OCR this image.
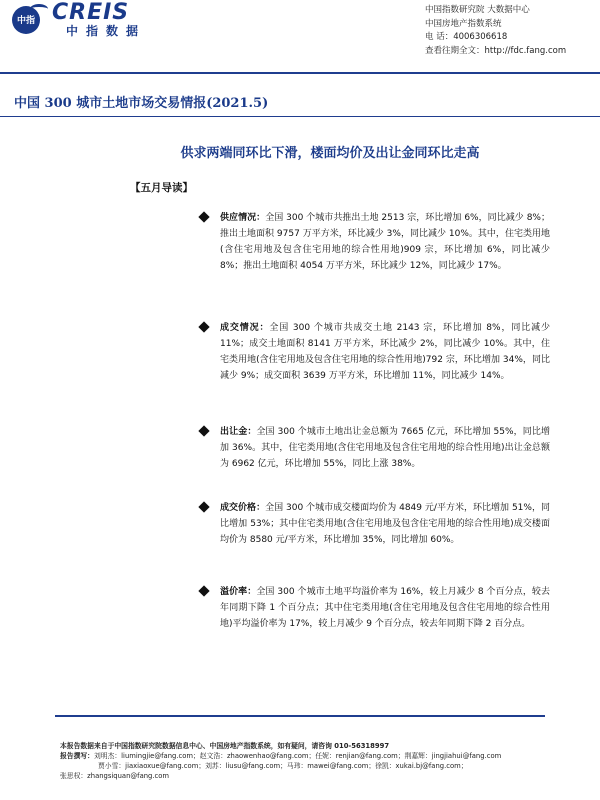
中指 CREIS
中指数据
中国指数研究院 大数据中心
中国房地产指数系统
电 话：4006306618
查看往期全文：http://fdc.fang.com
中国 300 城市土地市场交易情报(2021.5)
供求两端同环比下滑，楼面均价及出让金同环比走高
【五月导读】
供应情况：全国 300 个城市共推出土地 2513 宗，环比增加 6%，同比减少 8%；推出土地面积 9757 万平方米，环比减少 3%，同比减少 10%。其中，住宅类用地(含住宅用地及包含住宅用地的综合性用地)909 宗，环比增加 6%，同比减少 8%；推出土地面积 4054 万平方米，环比减少 12%，同比减少 17%。
成交情况：全国 300 个城市共成交土地 2143 宗，环比增加 8%，同比减少 11%；成交土地面积 8141 万平方米，环比减少 2%，同比减少 10%。其中，住宅类用地(含住宅用地及包含住宅用地的综合性用地)792 宗，环比增加 34%，同比减少 9%；成交面积 3639 万平方米，环比增加 11%，同比减少 14%。
出让金：全国 300 个城市土地出让金总额为 7665 亿元，环比增加 55%，同比增加 36%。其中，住宅类用地(含住宅用地及包含住宅用地的综合性用地)出让金总额为 6962 亿元，环比增加 55%，同比上涨 38%。
成交价格：全国 300 个城市成交楼面均价为 4849 元/平方米，环比增加 51%，同比增加 53%；其中住宅类用地(含住宅用地及包含住宅用地的综合性用地)成交楼面均价为 8580 元/平方米，环比增加 35%，同比增加 60%。
溢价率：全国 300 个城市土地平均溢价率为 16%，较上月减少 8 个百分点，较去年同期下降 1 个百分点；其中住宅类用地(含住宅用地及包含住宅用地的综合性用地)平均溢价率为 17%，较上月减少 9 个百分点，较去年同期下降 2 百分点。
本报告数据来自于中国指数研究院数据信息中心、中国房地产指数系统，如有疑问，请咨询 010-56318997
报告撰写：刘明杰：liumingjie@fang.com；赵文浩：zhaowenhao@fang.com；任妮：renjian@fang.com；荆嘉辉：jingjiahui@fang.com
贾小雪：jiaxiaoxue@fang.com；刘苏：liusu@fang.com；马玮：mawei@fang.com；徐凯：xukai.bj@fang.com；
张思权：zhangsiquan@fang.com
